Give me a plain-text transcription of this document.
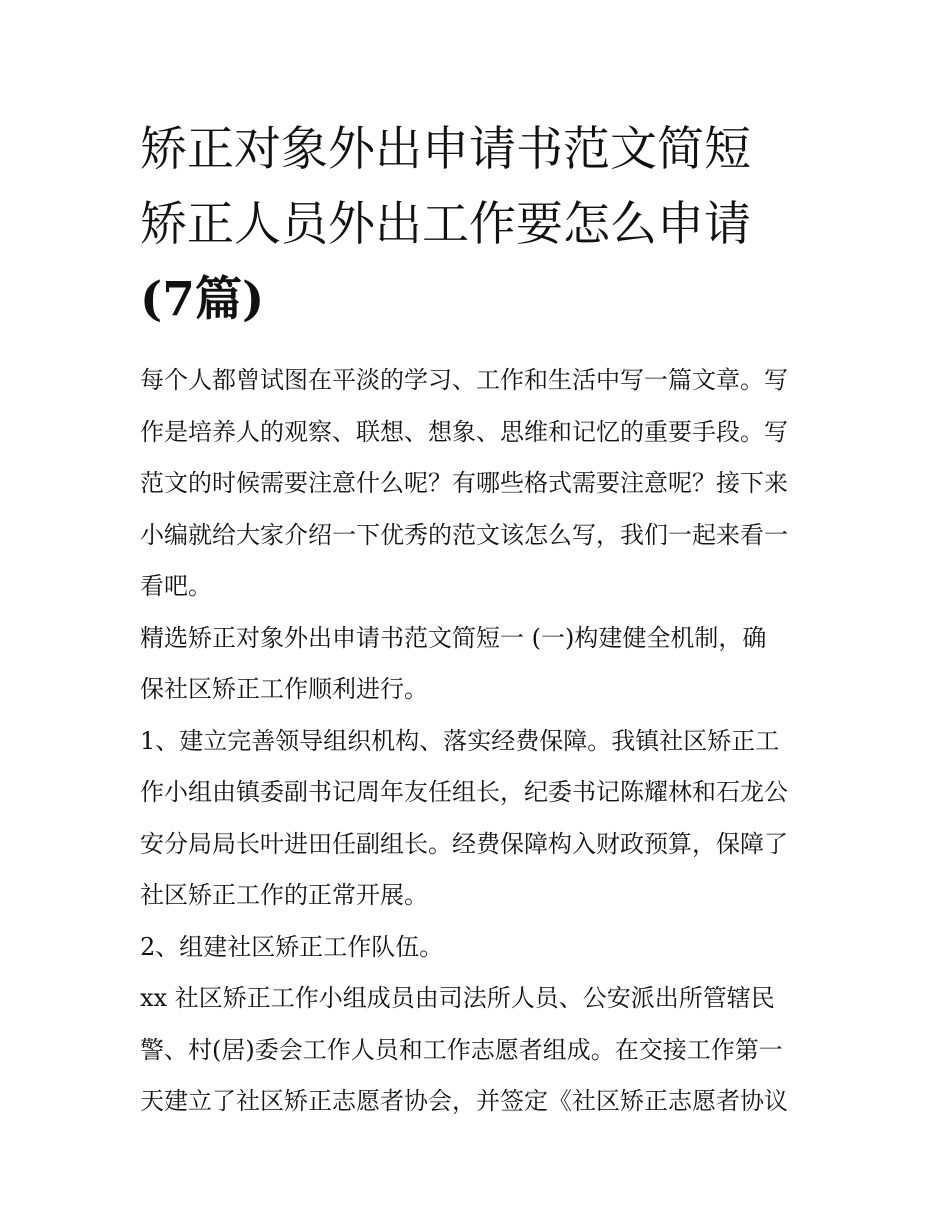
矫正对象外出申请书范文简短
矫正人员外出工作要怎么申请
(7篇)

每个人都曾试图在平淡的学习、工作和生活中写一篇文章。写
作是培养人的观察、联想、想象、思维和记忆的重要手段。写
范文的时候需要注意什么呢？有哪些格式需要注意呢？接下来
小编就给大家介绍一下优秀的范文该怎么写，我们一起来看一
看吧。

精选矫正对象外出申请书范文简短一 (一)构建健全机制，确
保社区矫正工作顺利进行。

1、建立完善领导组织机构、落实经费保障。我镇社区矫正工
作小组由镇委副书记周年友任组长，纪委书记陈耀林和石龙公
安分局局长叶进田任副组长。经费保障构入财政预算，保障了
社区矫正工作的正常开展。

2、组建社区矫正工作队伍。

xx 社区矫正工作小组成员由司法所人员、公安派出所管辖民
警、村(居)委会工作人员和工作志愿者组成。在交接工作第一
天建立了社区矫正志愿者协会，并签定《社区矫正志愿者协议
